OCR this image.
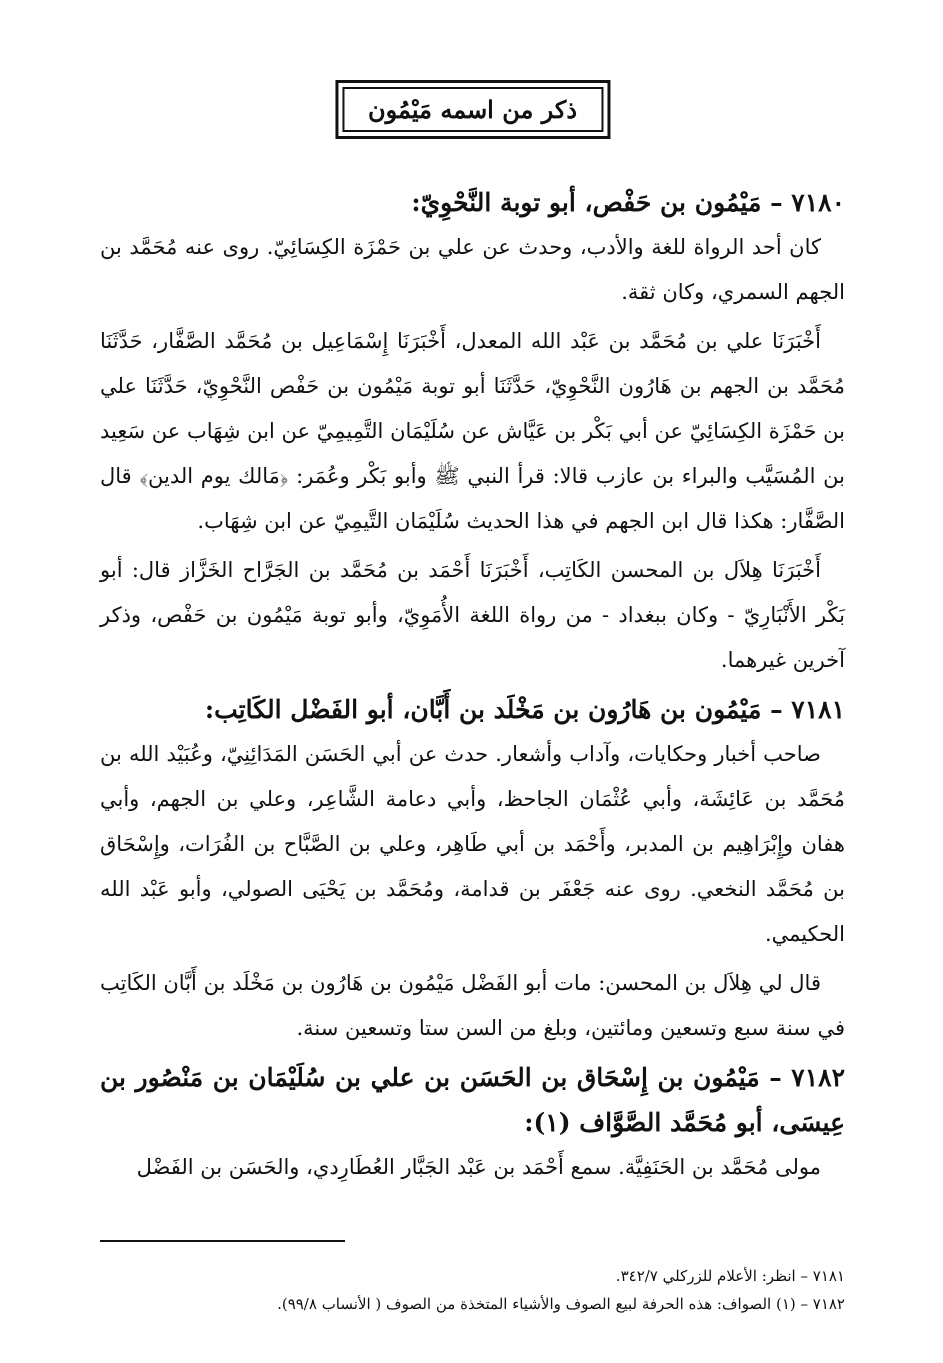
ذكر من اسمه مَيْمُون

٧١٨٠ – مَيْمُون بن حَفْص، أبو توبة النَّحْوِيّ:

كان أحد الرواة للغة والأدب، وحدث عن علي بن حَمْزَة الكِسَائِيّ. روى عنه مُحَمَّد بن الجهم السمري، وكان ثقة.

أَخْبَرَنَا علي بن مُحَمَّد بن عَبْد الله المعدل، أَخْبَرَنَا إِسْمَاعِيل بن مُحَمَّد الصَّفَّار، حَدَّثَنَا مُحَمَّد بن الجهم بن هَارُون النَّحْوِيّ، حَدَّثَنَا أبو توبة مَيْمُون بن حَفْص النَّحْوِيّ، حَدَّثَنَا علي بن حَمْزَة الكِسَائِيّ عن أبي بَكْر بن عَيَّاش عن سُلَيْمَان التَّمِيمِيّ عن ابن شِهَاب عن سَعِيد بن المُسَيَّب والبراء بن عازب قالا: قرأ النبي ﷺ وأبو بَكْر وعُمَر: ﴿مَالك يوم الدين﴾ قال الصَّفَّار: هكذا قال ابن الجهم في هذا الحديث سُلَيْمَان التَّيمِيّ عن ابن شِهَاب.

أَخْبَرَنَا هِلاَل بن المحسن الكَاتِب، أَخْبَرَنَا أَحْمَد بن مُحَمَّد بن الجَرَّاح الخَزَّاز قال: أبو بَكْر الأَنْبَارِيّ - وكان ببغداد - من رواة اللغة الأُمَوِيّ، وأبو توبة مَيْمُون بن حَفْص، وذكر آخرين غيرهما.

٧١٨١ – مَيْمُون بن هَارُون بن مَخْلَد بن أَبَّان، أبو الفَضْل الكَاتِب:

صاحب أخبار وحكايات، وآداب وأشعار. حدث عن أبي الحَسَن المَدَائِنِيّ، وعُبَيْد الله بن مُحَمَّد بن عَائِشَة، وأبي عُثْمَان الجاحظ، وأبي دعامة الشَّاعِر، وعلي بن الجهم، وأبي هفان وإِبْرَاهِيم بن المدبر، وأَحْمَد بن أبي طَاهِر، وعلي بن الصَّبَّاح بن الفُرَات، وإِسْحَاق بن مُحَمَّد النخعي. روى عنه جَعْفَر بن قدامة، ومُحَمَّد بن يَحْيَى الصولي، وأبو عَبْد الله الحكيمي.

قال لي هِلاَل بن المحسن: مات أبو الفَضْل مَيْمُون بن هَارُون بن مَخْلَد بن أَبَّان الكَاتِب في سنة سبع وتسعين ومائتين، وبلغ من السن ستا وتسعين سنة.

٧١٨٢ – مَيْمُون بن إِسْحَاق بن الحَسَن بن علي بن سُلَيْمَان بن مَنْصُور بن عِيسَى، أبو مُحَمَّد الصَّوَّاف (١):

مولى مُحَمَّد بن الحَنَفِيَّة. سمع أَحْمَد بن عَبْد الجَبَّار العُطَارِدي، والحَسَن بن الفَضْل

٧١٨١ – انظر: الأعلام للزركلي ٣٤٢/٧.
٧١٨٢ – (١) الصواف: هذه الحرفة لبيع الصوف والأشياء المتخذة من الصوف ( الأنساب ٩٩/٨).
